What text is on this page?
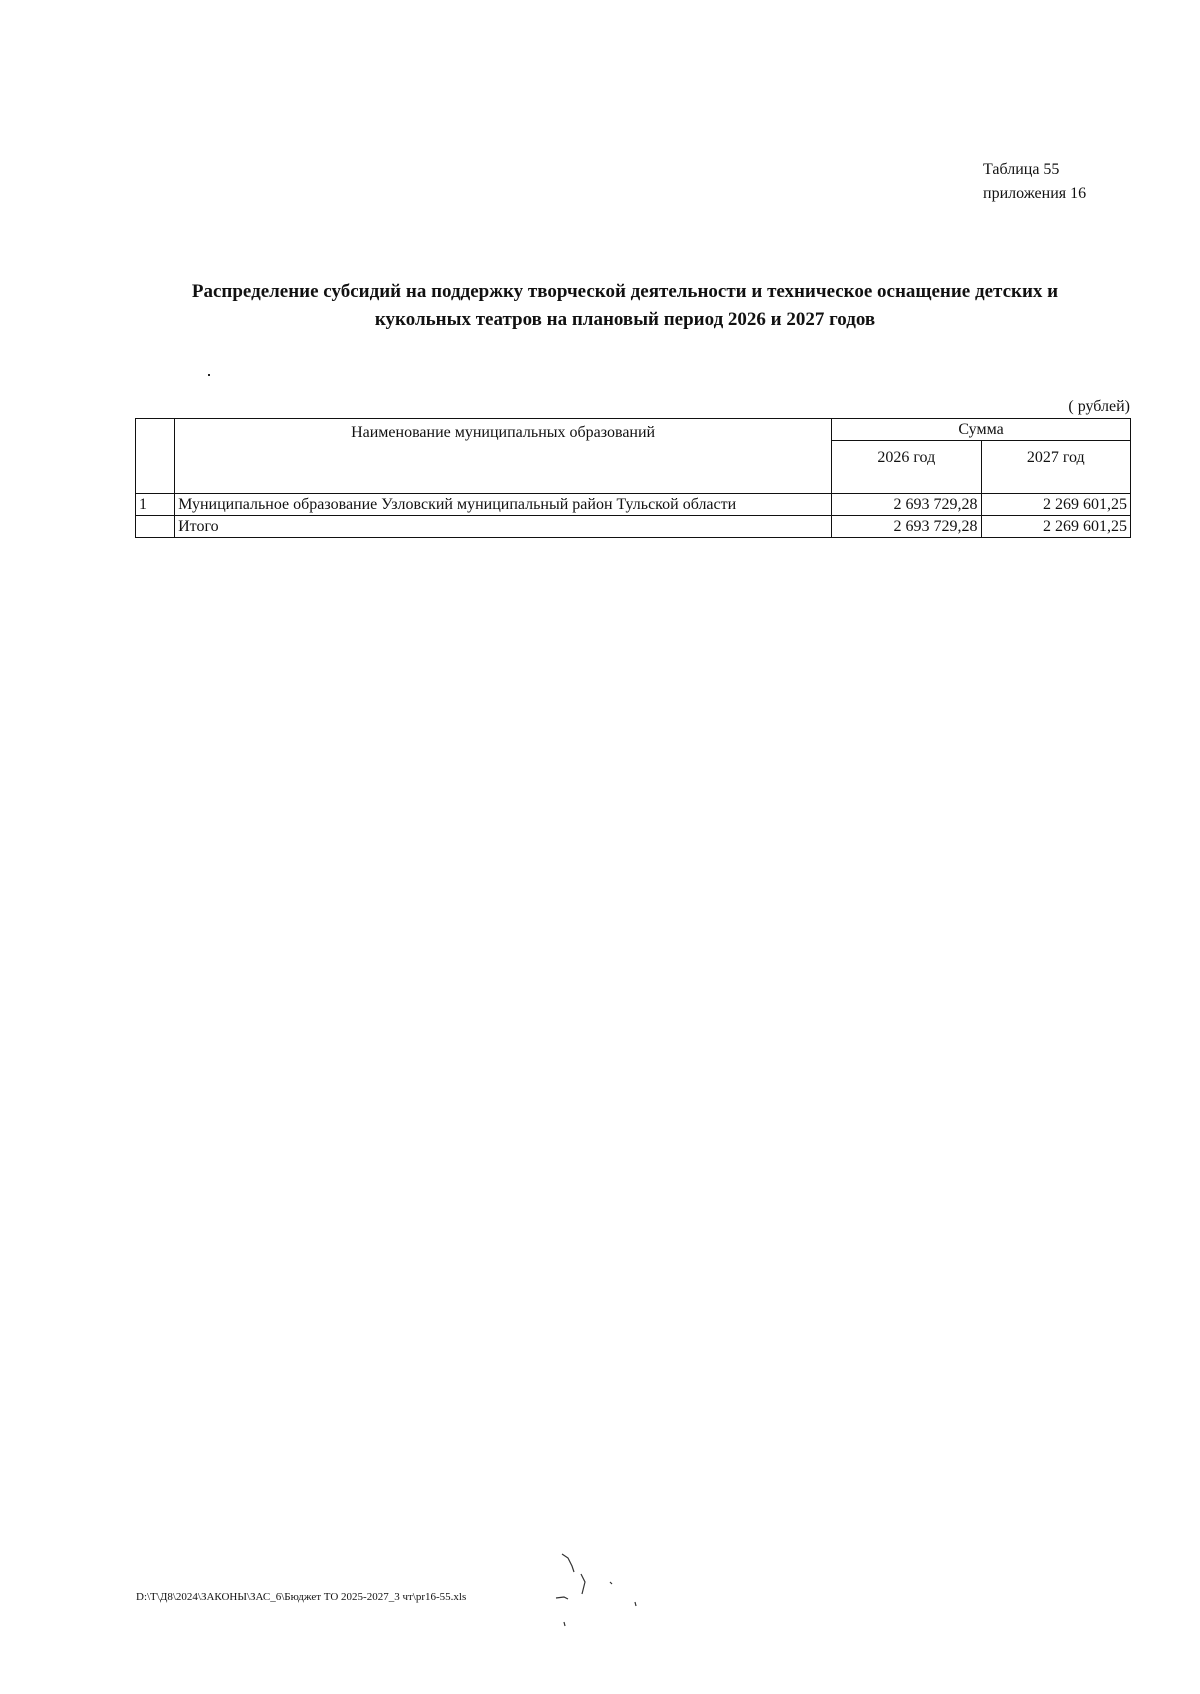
Таблица 55
приложения 16
Распределение субсидий на поддержку творческой деятельности и техническое оснащение детских и
кукольных театров на плановый период 2026 и 2027 годов
( рублей)
	Наименование муниципальных образований	Сумма	
		2026 год	2027 год
1	Муниципальное образование Узловский муниципальный район Тульской области	2 693 729,28	2 269 601,25
	Итого	2 693 729,28	2 269 601,25
D:\Т\Д8\2024\ЗАКОНЫ\ЗАС_6\Бюджет ТО 2025-2027_3 чт\pr16-55.xls
